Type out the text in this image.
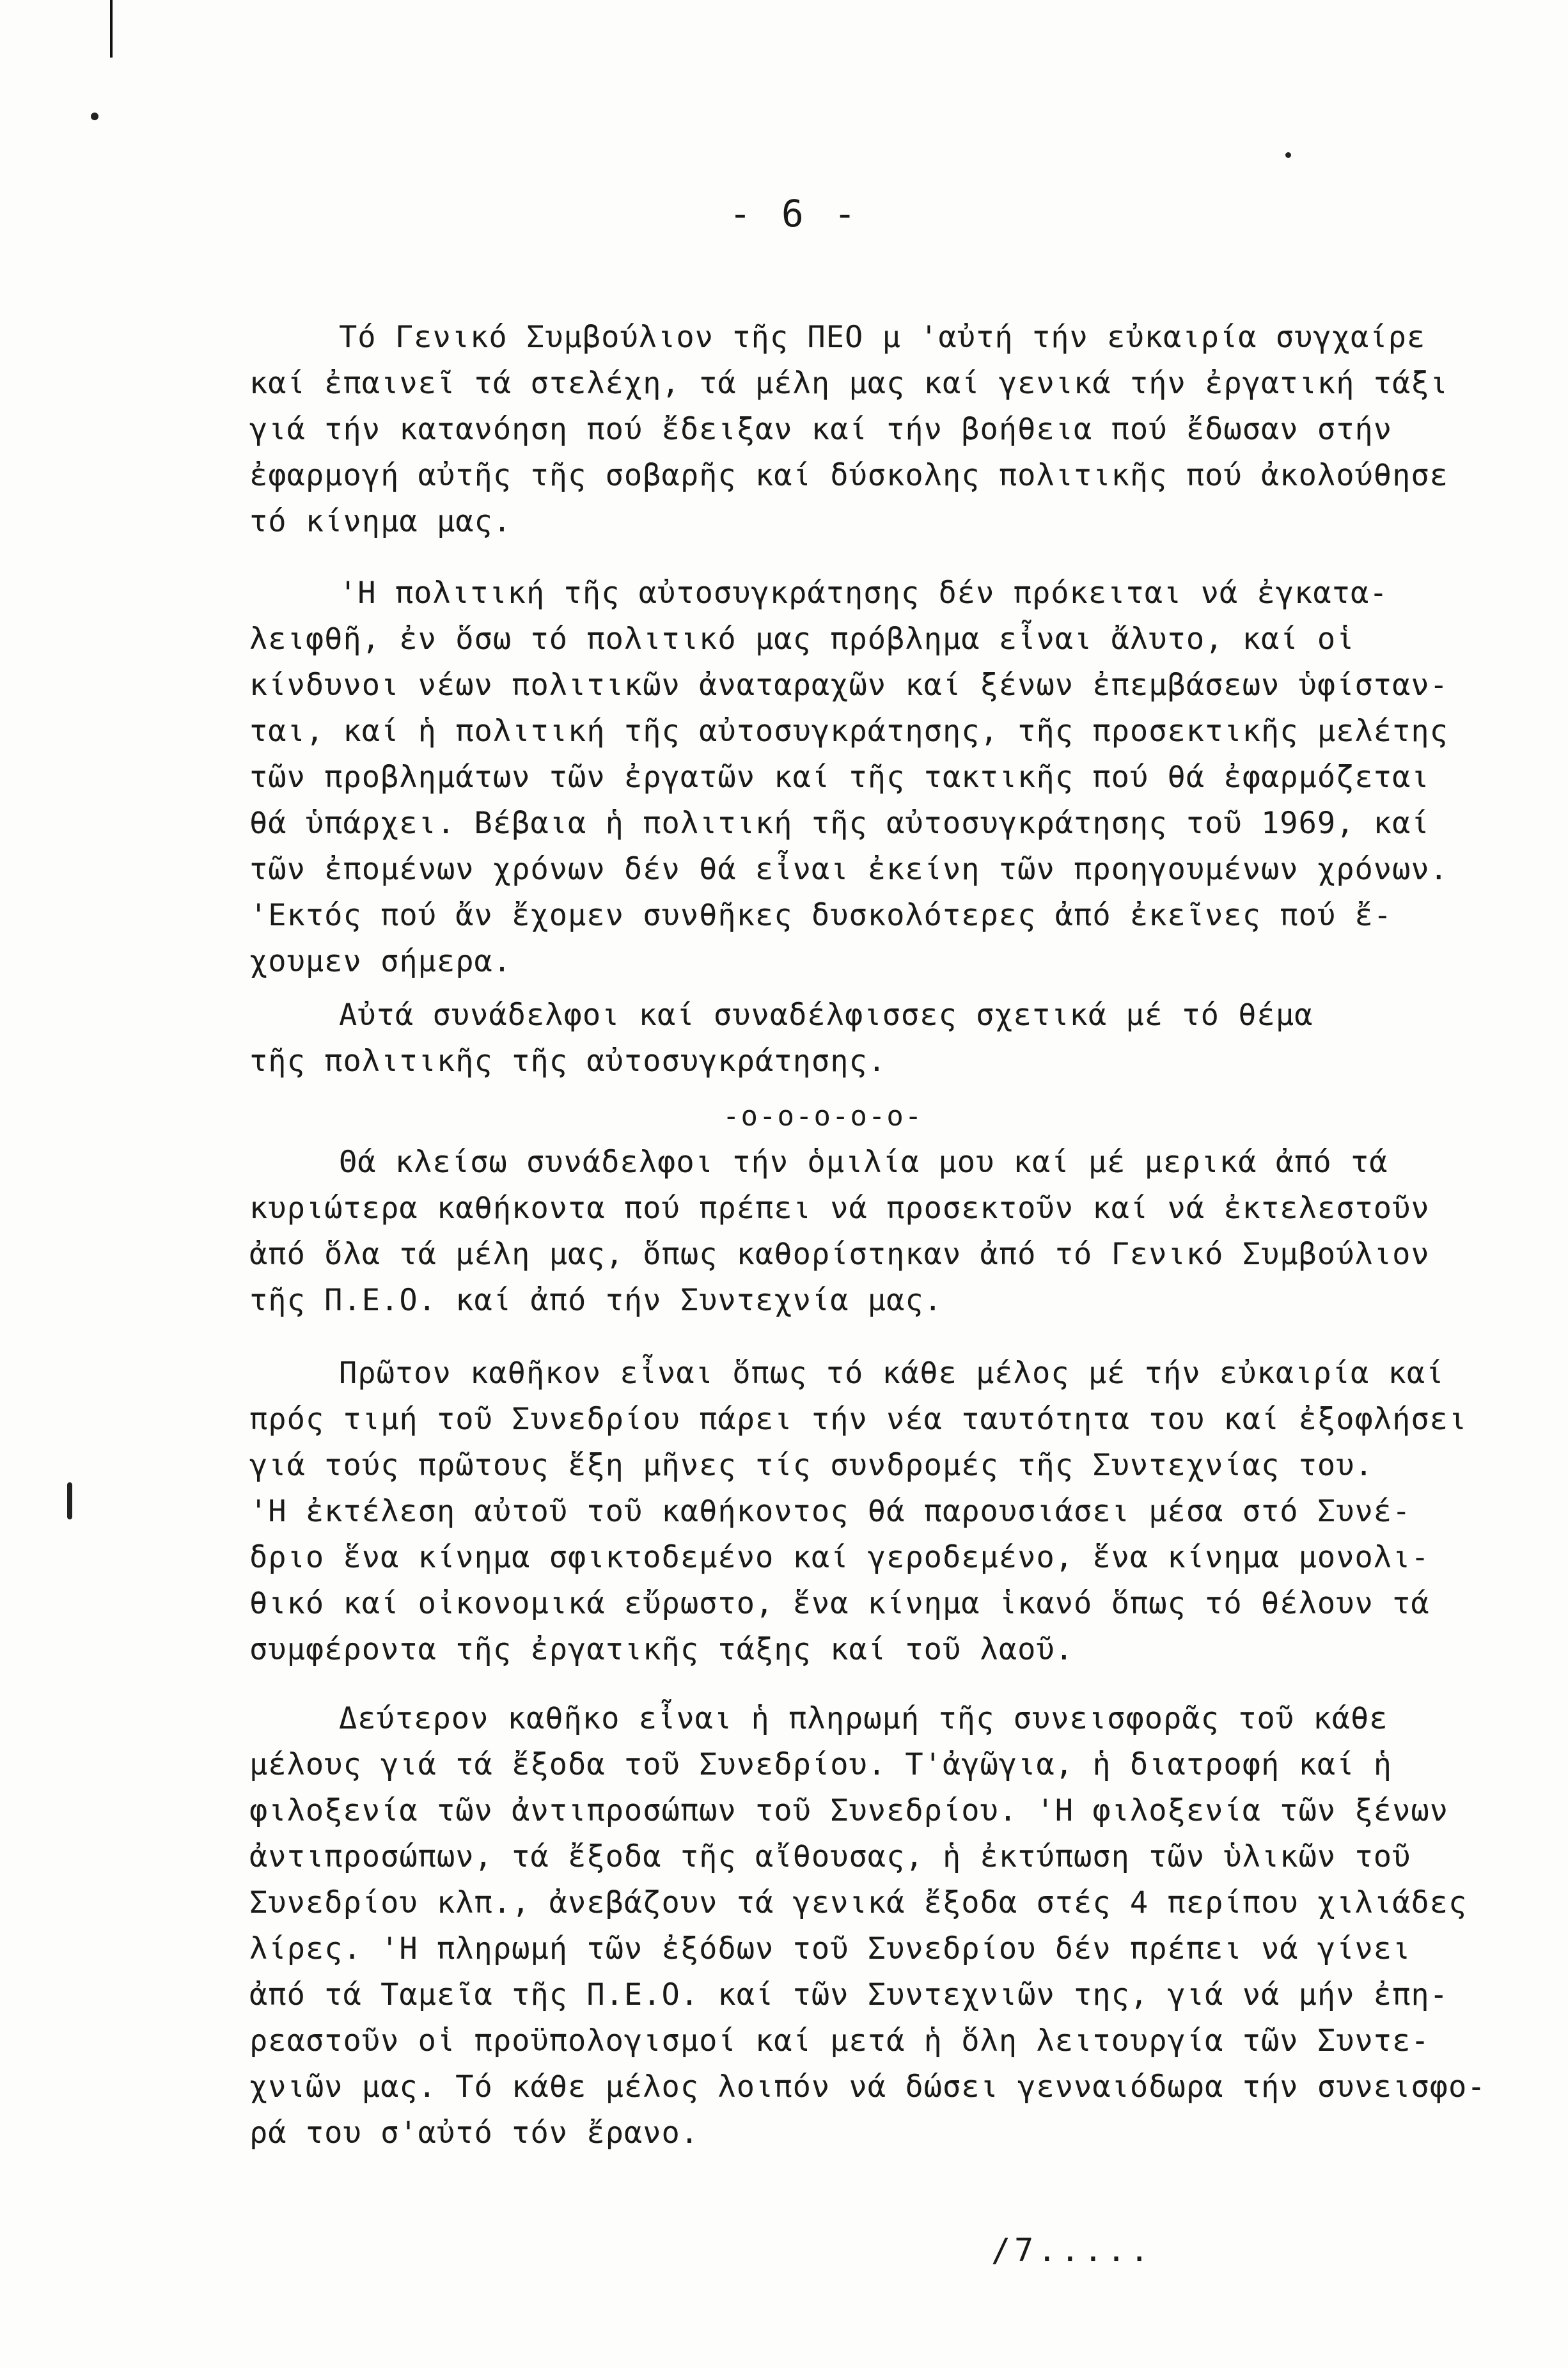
- 6 -
Τό Γενικό Συμβούλιον τῆς ΠΕΟ μ 'αὐτή τήν εὐκαιρία συγχαίρε
καί ἐπαινεῖ τά στελέχη, τά μέλη μας καί γενικά τήν ἐργατική τάξι
γιά τήν κατανόηση πού ἔδειξαν καί τήν βοήθεια πού ἔδωσαν στήν
ἐφαρμογή αὐτῆς τῆς σοβαρῆς καί δύσκολης πολιτικῆς πού ἀκολούθησε
τό κίνημα μας.
'Η πολιτική τῆς αὐτοσυγκράτησης δέν πρόκειται νά ἐγκατα-
λειφθῆ, ἐν ὅσω τό πολιτικό μας πρόβλημα εἶναι ἄλυτο, καί οἱ
κίνδυνοι νέων πολιτικῶν ἀναταραχῶν καί ξένων ἐπεμβάσεων ὑφίσταν-
ται, καί ἡ πολιτική τῆς αὐτοσυγκράτησης, τῆς προσεκτικῆς μελέτης
τῶν προβλημάτων τῶν ἐργατῶν καί τῆς τακτικῆς πού θά ἐφαρμόζεται
θά ὑπάρχει. Βέβαια ἡ πολιτική τῆς αὐτοσυγκράτησης τοῦ 1969, καί
τῶν ἐπομένων χρόνων δέν θά εἶναι ἐκείνη τῶν προηγουμένων χρόνων.
'Εκτός πού ἄν ἔχομεν συνθῆκες δυσκολότερες ἀπό ἐκεῖνες πού ἔ-
χουμεν σήμερα.
Αὐτά συνάδελφοι καί συναδέλφισσες σχετικά μέ τό θέμα
τῆς πολιτικῆς τῆς αὐτοσυγκράτησης.
-o-o-o-o-o-
Θά κλείσω συνάδελφοι τήν ὁμιλία μου καί μέ μερικά ἀπό τά
κυριώτερα καθήκοντα πού πρέπει νά προσεκτοῦν καί νά ἐκτελεστοῦν
ἀπό ὅλα τά μέλη μας, ὅπως καθορίστηκαν ἀπό τό Γενικό Συμβούλιον
τῆς Π.Ε.Ο. καί ἀπό τήν Συντεχνία μας.
Πρῶτον καθῆκον εἶναι ὅπως τό κάθε μέλος μέ τήν εὐκαιρία καί
πρός τιμή τοῦ Συνεδρίου πάρει τήν νέα ταυτότητα του καί ἐξοφλήσει
γιά τούς πρῶτους ἕξη μῆνες τίς συνδρομές τῆς Συντεχνίας του.
'Η ἐκτέλεση αὐτοῦ τοῦ καθήκοντος θά παρουσιάσει μέσα στό Συνέ-
δριο ἕνα κίνημα σφικτοδεμένο καί γεροδεμένο, ἕνα κίνημα μονολι-
θικό καί οἰκονομικά εὔρωστο, ἕνα κίνημα ἱκανό ὅπως τό θέλουν τά
συμφέροντα τῆς ἐργατικῆς τάξης καί τοῦ λαοῦ.
Δεύτερον καθῆκο εἶναι ἡ πληρωμή τῆς συνεισφορᾶς τοῦ κάθε
μέλους γιά τά ἔξοδα τοῦ Συνεδρίου. Τ'ἀγῶγια, ἡ διατροφή καί ἡ
φιλοξενία τῶν ἀντιπροσώπων τοῦ Συνεδρίου. 'Η φιλοξενία τῶν ξένων
ἀντιπροσώπων, τά ἔξοδα τῆς αἴθουσας, ἡ ἐκτύπωση τῶν ὑλικῶν τοῦ
Συνεδρίου κλπ., ἀνεβάζουν τά γενικά ἔξοδα στές 4 περίπου χιλιάδες
λίρες. 'Η πληρωμή τῶν ἐξόδων τοῦ Συνεδρίου δέν πρέπει νά γίνει
ἀπό τά Ταμεῖα τῆς Π.Ε.Ο. καί τῶν Συντεχνιῶν της, γιά νά μήν ἐπη-
ρεαστοῦν οἱ προϋπολογισμοί καί μετά ἡ ὅλη λειτουργία τῶν Συντε-
χνιῶν μας. Τό κάθε μέλος λοιπόν νά δώσει γενναιόδωρα τήν συνεισφο-
ρά του σ'αὐτό τόν ἔρανο.
/7.....
